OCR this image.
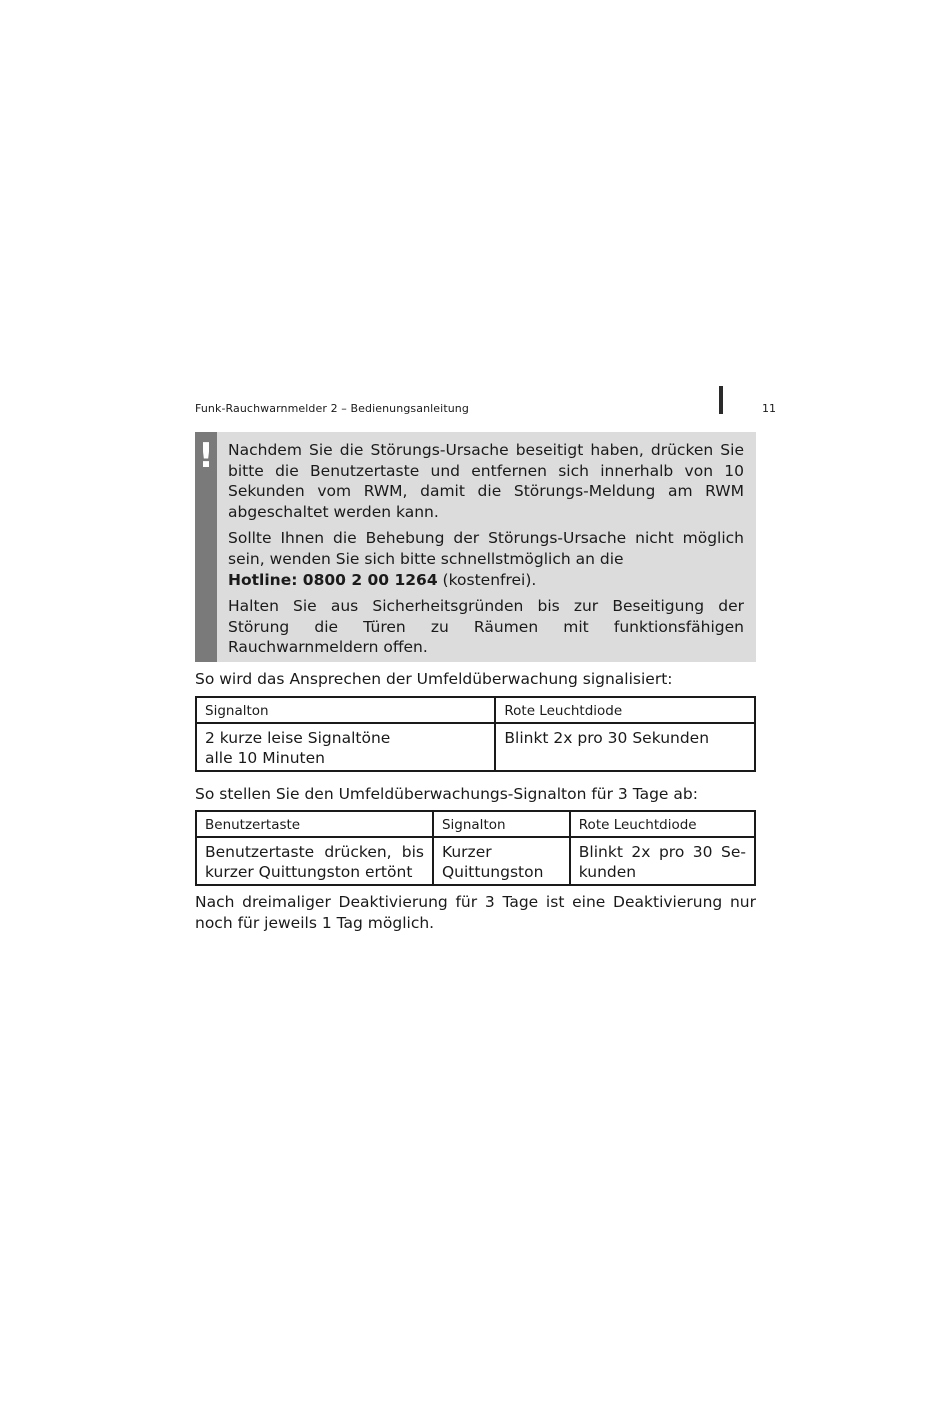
Funk-Rauchwarnmelder 2 – Bedienungsanleitung	11
! Nachdem Sie die Störungs-Ursache beseitigt haben, drücken Sie bitte die Benutzertaste und entfernen sich innerhalb von 10 Sekunden vom RWM, damit die Störungs-Meldung am RWM abgeschaltet werden kann.

Sollte Ihnen die Behebung der Störungs-Ursache nicht möglich sein, wenden Sie sich bitte schnellstmöglich an die
Hotline: 0800 2 00 1264 (kostenfrei).

Halten Sie aus Sicherheitsgründen bis zur Beseitigung der Störung die Türen zu Räumen mit funktionsfähigen Rauchwarnmeldern offen.

So wird das Ansprechen der Umfeldüberwachung signalisiert:
Signalton	Rote Leuchtdiode
2 kurze leise Signaltöne alle 10 Minuten	Blinkt 2x pro 30 Sekunden
So stellen Sie den Umfeldüberwachungs-Signalton für 3 Tage ab:
Benutzertaste	Signalton	Rote Leuchtdiode
Benutzertaste drücken, bis kurzer Quittungston ertönt	Kurzer Quittungston	Blinkt 2x pro 30 Sekunden

Nach dreimaliger Deaktivierung für 3 Tage ist eine Deaktivierung nur noch für jeweils 1 Tag möglich.
